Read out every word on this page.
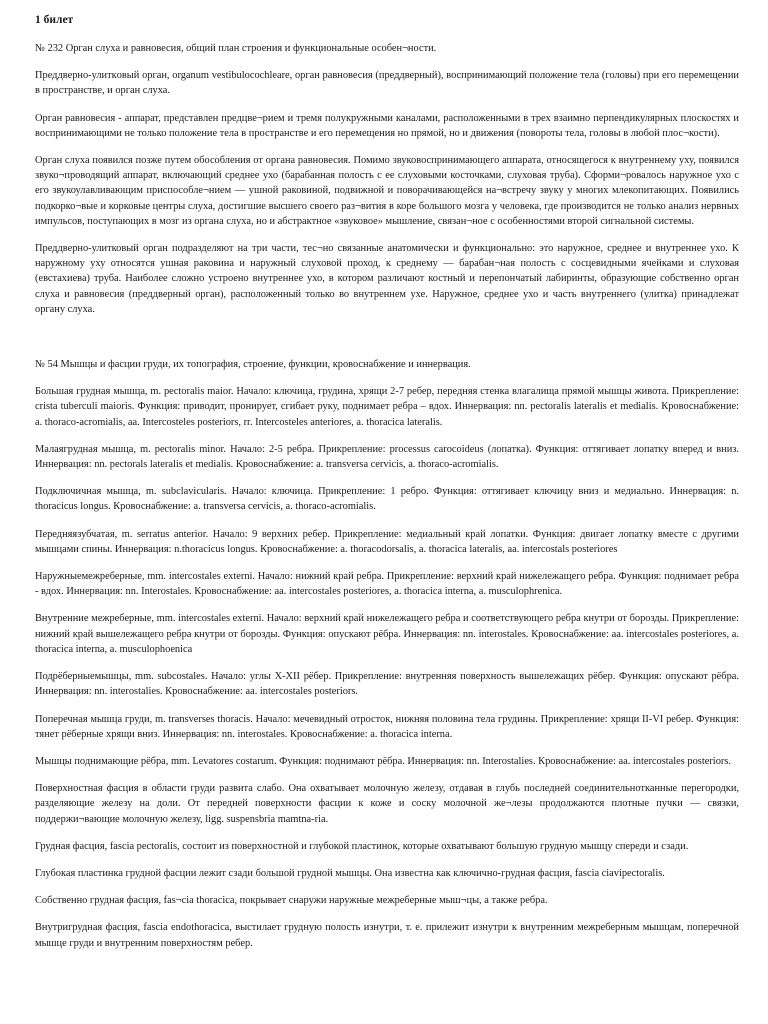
1 билет

№ 232 Орган слуха и равновесия, общий план строения и функциональные особен¬ности.

Преддверно-улиткoвый орган, organum vestibulocochleare, орган равновесия (преддверный), воспринимающий положение тела (головы) при его перемещении в пространстве, и орган слуха.

Орган равновесия - аппарат, представлен предцве¬рием и тремя полукружными каналами, расположенными в трех взаимно перпендикулярных плоскостях и воспринимающими не только положение тела в пространстве и его перемещения но прямой, но и движения (повороты тела, головы в любой плос¬кости).

Орган слуха появился позже путем обособления от органа равновесия. Помимо звуковоспринимающего аппарата, относящегося к внутреннему уху, появился звуко¬проводящий аппарат, включающий среднее ухо (барабанная полость с ее слуховыми косточками, слуховая труба). Сформи¬ровалось наружное ухо с его звукоулавливающим приспособле¬нием — ушной раковиной, подвижной и поворачивающейся на¬встречу звуку у многих млекопитающих. Появились подкорко¬вые и корковые центры слуха, достигшие высшего своего раз¬вития в коре большого мозга у человека, где производится не только анализ нервных импульсов, поступающих в мозг из органа слуха, но и абстрактное «звуковое» мышление, связан¬ное с особенностями второй сигнальной системы.

Преддверно-улитковый орган подразделяют на три части, тес¬но связанные анатомически и функционально: это наружное, среднее и внутреннее ухо. К наружному уху относятся ушная раковина и наружный слуховой проход, к среднему — барабан¬ная полость с сосцевидными ячейками и слуховая (евстахиева) труба. Наиболее сложно устроено внутреннее ухо, в котором различают костный и перепончатый лабиринты, образующие собственно орган слуха и равновесия (преддверный орган), расположенный только во внутреннем ухе. Наружное, среднее ухо и часть внутреннего (улитка) принадлежат органу слуха.

№ 54 Мышцы и фасции груди, их топография, строение, функции, кровоснабжение и иннервация.

Большая грудная мышца, m. pectoralis maior. Начало: ключица, грудина, хрящи 2-7 ребер, передняя стенка влагалища прямой мышцы живота. Прикрепление: crista tuberculi maioris. Функция: приводит, пронирует, сгибает руку, поднимает ребра – вдох. Иннервация: nn. pectoralis lateralis et medialis. Кровоснабжение: a. thoraco-acromialis, aa. Intercosteles posteriors, rr. Intercosteles anteriores, a. thoracica lateralis.

Малаягрудная мышца, m. pectoralis minor. Начало: 2-5 ребра. Прикрепление: processus carocoideus (лопатка). Функция: оттягивает лопатку вперед и вниз. Иннервация: nn. pectorals lateralis et medialis. Кровоснабжение: a. transversa cervicis, a. thoraco-acromialis.

Подключичная мышца, m. subclavicularis. Начало: ключица. Прикрепление: 1 ребро. Функция: оттягивает ключицу вниз и медиально. Иннервация: n. thoracicus longus. Кровоснабжение: a. transversa cervicis, a. thoraco-acromialis.

Передняязубчатая, m. serratus anterior. Начало: 9 верхних ребер. Прикрепление: медиальный край лопатки. Функция: двигает лопатку вместе с другими мышцами спины. Иннервация: n.thoracicus longus. Кровоснабжение: a. thoracodorsalis, a. thoracica lateralis, aa. intercostals posteriores

Наружныемежреберные, mm. intercostales externi. Начало: нижний край ребра. Прикрепление: верхний край нижележащего ребра. Функция: поднимает ребра - вдох. Иннервация: nn. Interostales. Кровоснабжение: aa. intercostales posteriores, a. thoracica interna, a. musculophrenica.

Внутренние межреберные, mm. intercostales externi. Начало: верхний край нижележащего ребра и соответствующего ребра кнутри от борозды. Прикрепление: нижний край вышележащего ребра кнутри от борозды. Функция: опускают рёбра. Иннервация: nn. interostales. Кровоснабжение: aa. intercostales posteriores, a. thoracica interna, a. musculophoenica

Подрёберныемышцы, mm. subcostales. Начало: углы X-XII рёбер. Прикрепление: внутренняя поверхность вышележащих рёбер. Функция: опускают рёбра. Иннервация: nn. interostalies. Кровоснабжение: aa. intercostales posteriors.

Поперечная мышца груди, m. transverses thoracis. Начало: мечевидный отросток, нижняя половина тела грудины. Прикрепление: хрящи II-VI ребер. Функция: тянет рёберные хрящи вниз. Иннервация: nn. interostales. Кровоснабжение: a. thoracica interna.

Мышцы поднимающие рёбра, mm. Levatores costarum. Функция: поднимают рёбра. Иннервация: nn. Interostalies. Кровоснабжение: aa. intercostales posteriors.

Поверхностная фасция в области груди развита слабо. Она охватывает молочную железу, отдавая в глубь последней соединительнотканные перегородки, разделяющие железу на доли. От передней поверхности фасции к коже и соску молочной же¬лезы продолжаются плотные пучки — связки, поддержи¬вающие молочную железу, ligg. suspensbria mamtna-ria.

Грудная фасция, fascia pectoralis, состоит из поверхностной и глубокой пластинок, которые охватывают большую грудную мышцу спереди и сзади.

Глубокая пластинка грудной фасции лежит сзади большой грудной мышцы. Она известна как ключично-грудная фасция, fascia ciavipectoralis.

Собственно грудная фасция, fas¬cia thoracica, покрывает снаружи наружные межреберные мыш¬цы, а также ребра.

Внутригрудная фасция, fascia endothoracica, выстилает грудную полость изнутри, т. е. прилежит изнутри к внутренним межреберным мышцам, поперечной мышце груди и внутренним поверхностям ребер.
